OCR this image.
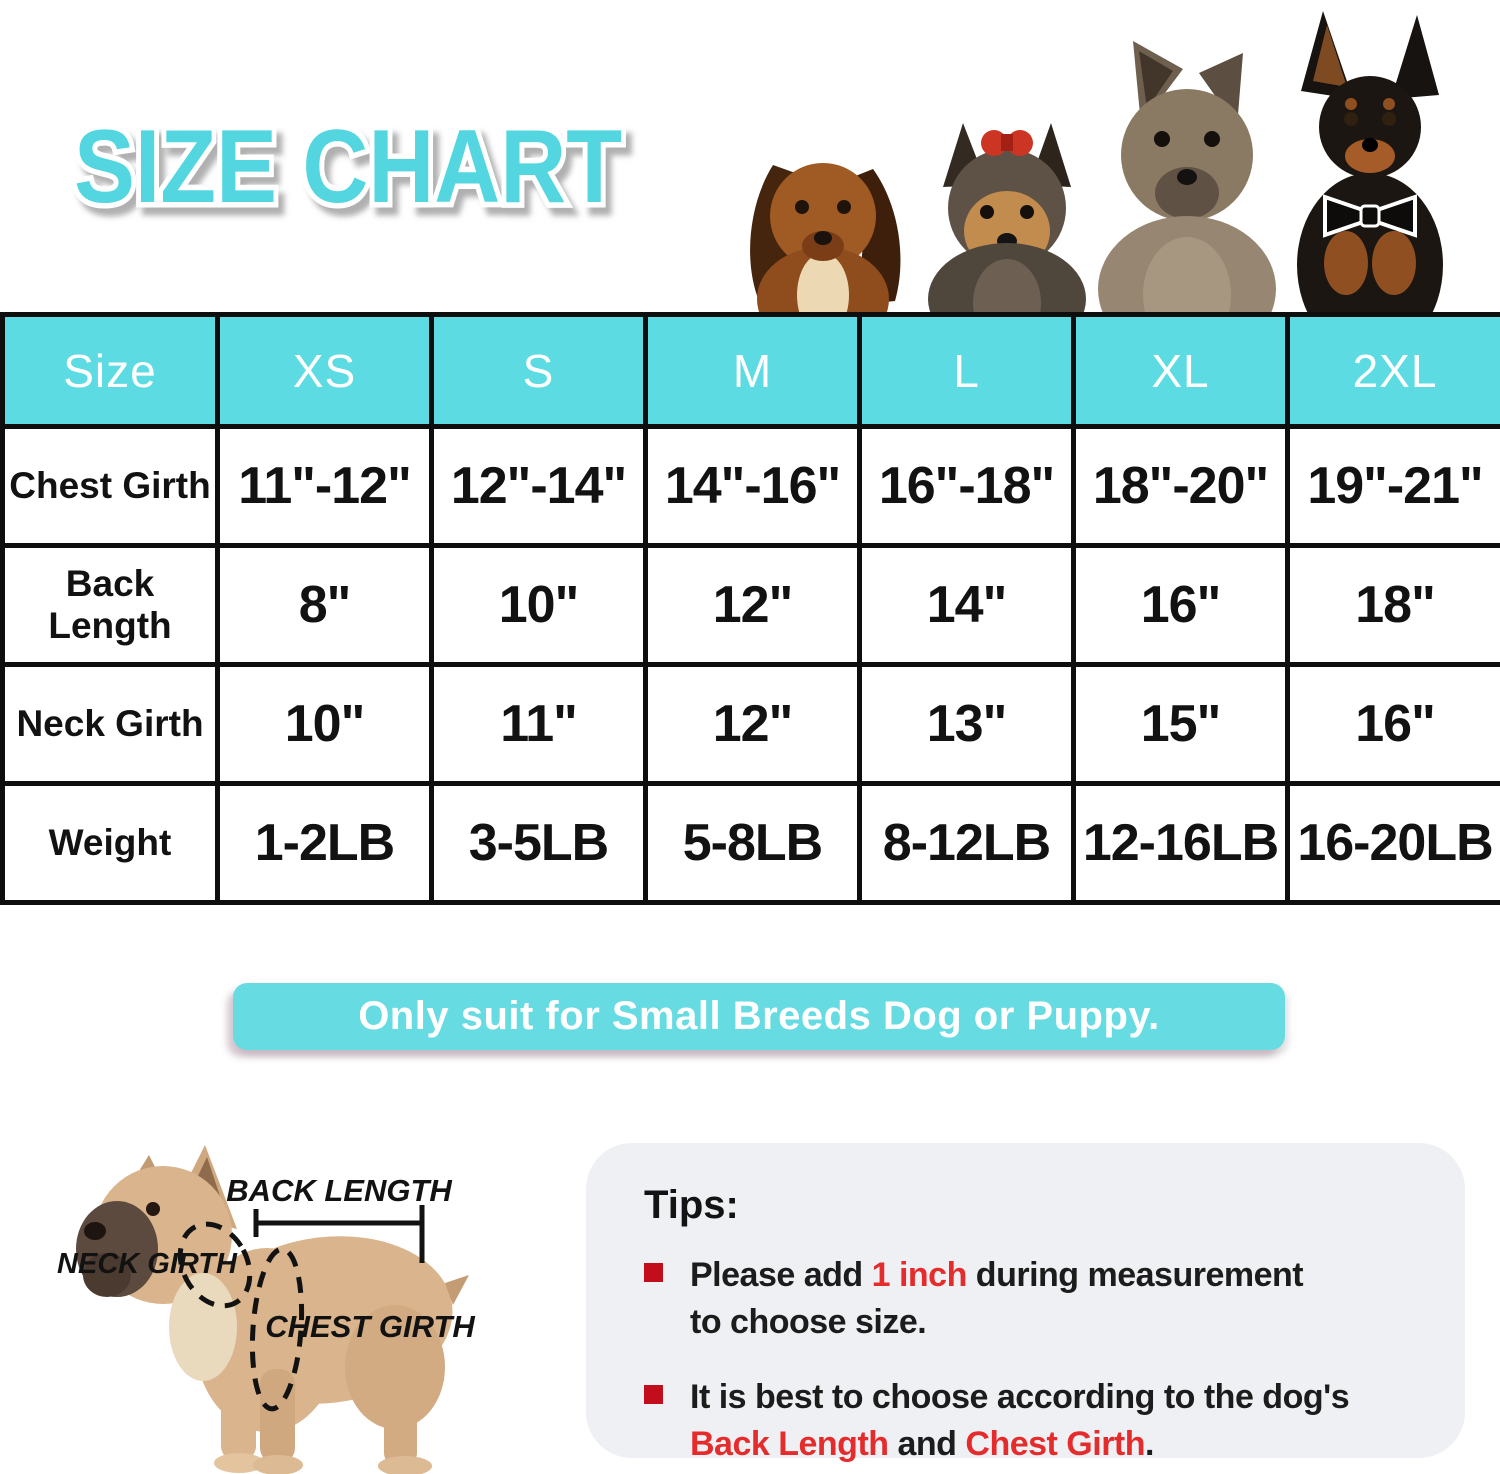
SIZE CHART
Size	XS	S	M	L	XL	2XL
Chest Girth	11"-12"	12"-14"	14"-16"	16"-18"	18"-20"	19"-21"
Back Length	8"	10"	12"	14"	16"	18"
Neck Girth	10"	11"	12"	13"	15"	16"
Weight	1-2LB	3-5LB	5-8LB	8-12LB	12-16LB	16-20LB
Only suit for Small Breeds Dog or Puppy.
BACK LENGTH
NECK GIRTH
CHEST GIRTH

Tips:

Please add 1 inch during measurement
to choose size.

It is best to choose according to the dog's
Back Length and Chest Girth.
